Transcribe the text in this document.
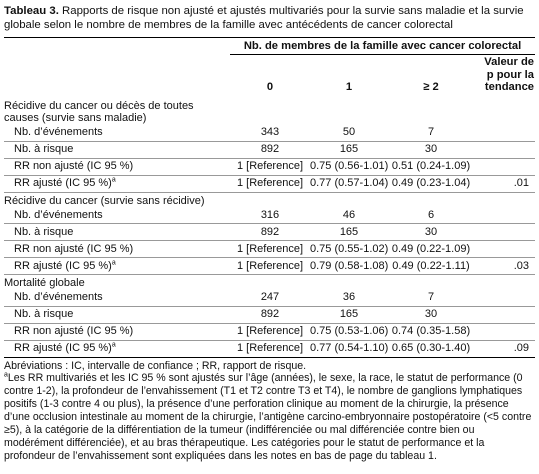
Tableau 3. Rapports de risque non ajusté et ajustés multivariés pour la survie sans maladie et la survie globale selon le nombre de membres de la famille avec antécédents de cancer colorectal
	Nb. de membres de la famille avec cancer colorectal			

	0	1	≥ 2	Valeur de
p pour la
tendance
Récidive du cancer ou décès de toutes
causes (survie sans maladie)				
Nb. d’événements	343	50	7	
Nb. à risque	892	165	30	
RR non ajusté (IC 95 %)	1 [Reference]	0.75 (0.56-1.01)	0.51 (0.24-1.09)	
RR ajusté (IC 95 %)$^a$	1 [Reference]	0.77 (0.57-1.04)	0.49 (0.23-1.04)	.01
Récidive du cancer (survie sans récidive)				
Nb. d’événements	316	46	6	
Nb. à risque	892	165	30	
RR non ajusté (IC 95 %)	1 [Reference]	0.75 (0.55-1.02)	0.49 (0.22-1.09)	
RR ajusté (IC 95 %)$^a$	1 [Reference]	0.79 (0.58-1.08)	0.49 (0.22-1.11)	.03
Mortalité globale				
Nb. d’événements	247	36	7	
Nb. à risque	892	165	30	
RR non ajusté (IC 95 %)	1 [Reference]	0.75 (0.53-1.06)	0.74 (0.35-1.58)	
RR ajusté (IC 95 %)$^a$	1 [Reference]	0.77 (0.54-1.10)	0.65 (0.30-1.40)	.09

Abréviations : IC, intervalle de confiance ; RR, rapport de risque.

$^a$Les RR multivariés et les IC 95 % sont ajustés sur l’âge (années), le sexe, la race, le statut de performance (0 contre 1-2), la profondeur de l’envahissement (T1 et T2 contre T3 et T4), le nombre de ganglions lymphatiques positifs (1-3 contre 4 ou plus), la présence d’une perforation clinique au moment de la chirurgie, la présence d’une occlusion intestinale au moment de la chirurgie, l’antigène carcino-embryonnaire postopératoire (<5 contre ≥5), à la catégorie de la différentiation de la tumeur (indifférenciée ou mal différenciée contre bien ou modérément différenciée), et au bras thérapeutique. Les catégories pour le statut de performance et la profondeur de l’envahissement sont expliquées dans les notes en bas de page du tableau 1.
